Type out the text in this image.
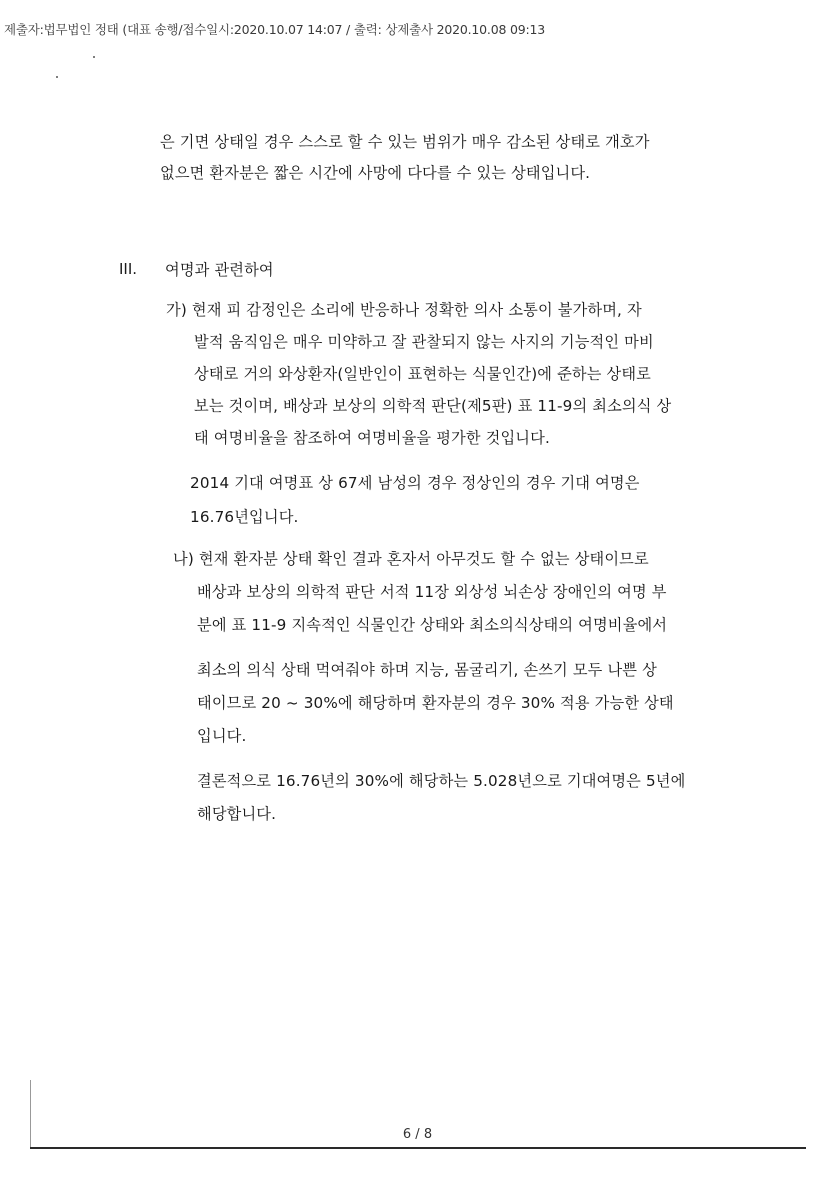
제출자:법무법인 정태 (대표 송행/접수일시:2020.10.07 14:07 / 출력: 상제출사 2020.10.08 09:13
은 기면 상태일 경우 스스로 할 수 있는 범위가 매우 감소된 상태로 개호가
없으면 환자분은 짧은 시간에 사망에 다다를 수 있는 상태입니다.
III. 여명과 관련하여
가) 현재 피 감정인은 소리에 반응하나 정확한 의사 소통이 불가하며, 자
발적 움직임은 매우 미약하고 잘 관찰되지 않는 사지의 기능적인 마비
상태로 거의 와상환자(일반인이 표현하는 식물인간)에 준하는 상태로
보는 것이며, 배상과 보상의 의학적 판단(제5판) 표 11-9의 최소의식 상
태 여명비율을 참조하여 여명비율을 평가한 것입니다.
2014 기대 여명표 상 67세 남성의 경우 정상인의 경우 기대 여명은
16.76년입니다.
나) 현재 환자분 상태 확인 결과 혼자서 아무것도 할 수 없는 상태이므로
배상과 보상의 의학적 판단 서적 11장 외상성 뇌손상 장애인의 여명 부
분에 표 11-9 지속적인 식물인간 상태와 최소의식상태의 여명비율에서
최소의 의식 상태 먹여줘야 하며 지능, 몸굴리기, 손쓰기 모두 나쁜 상
태이므로 20 ~ 30%에 해당하며 환자분의 경우 30% 적용 가능한 상태
입니다.
결론적으로 16.76년의 30%에 해당하는 5.028년으로 기대여명은 5년에
해당합니다.
6 / 8
